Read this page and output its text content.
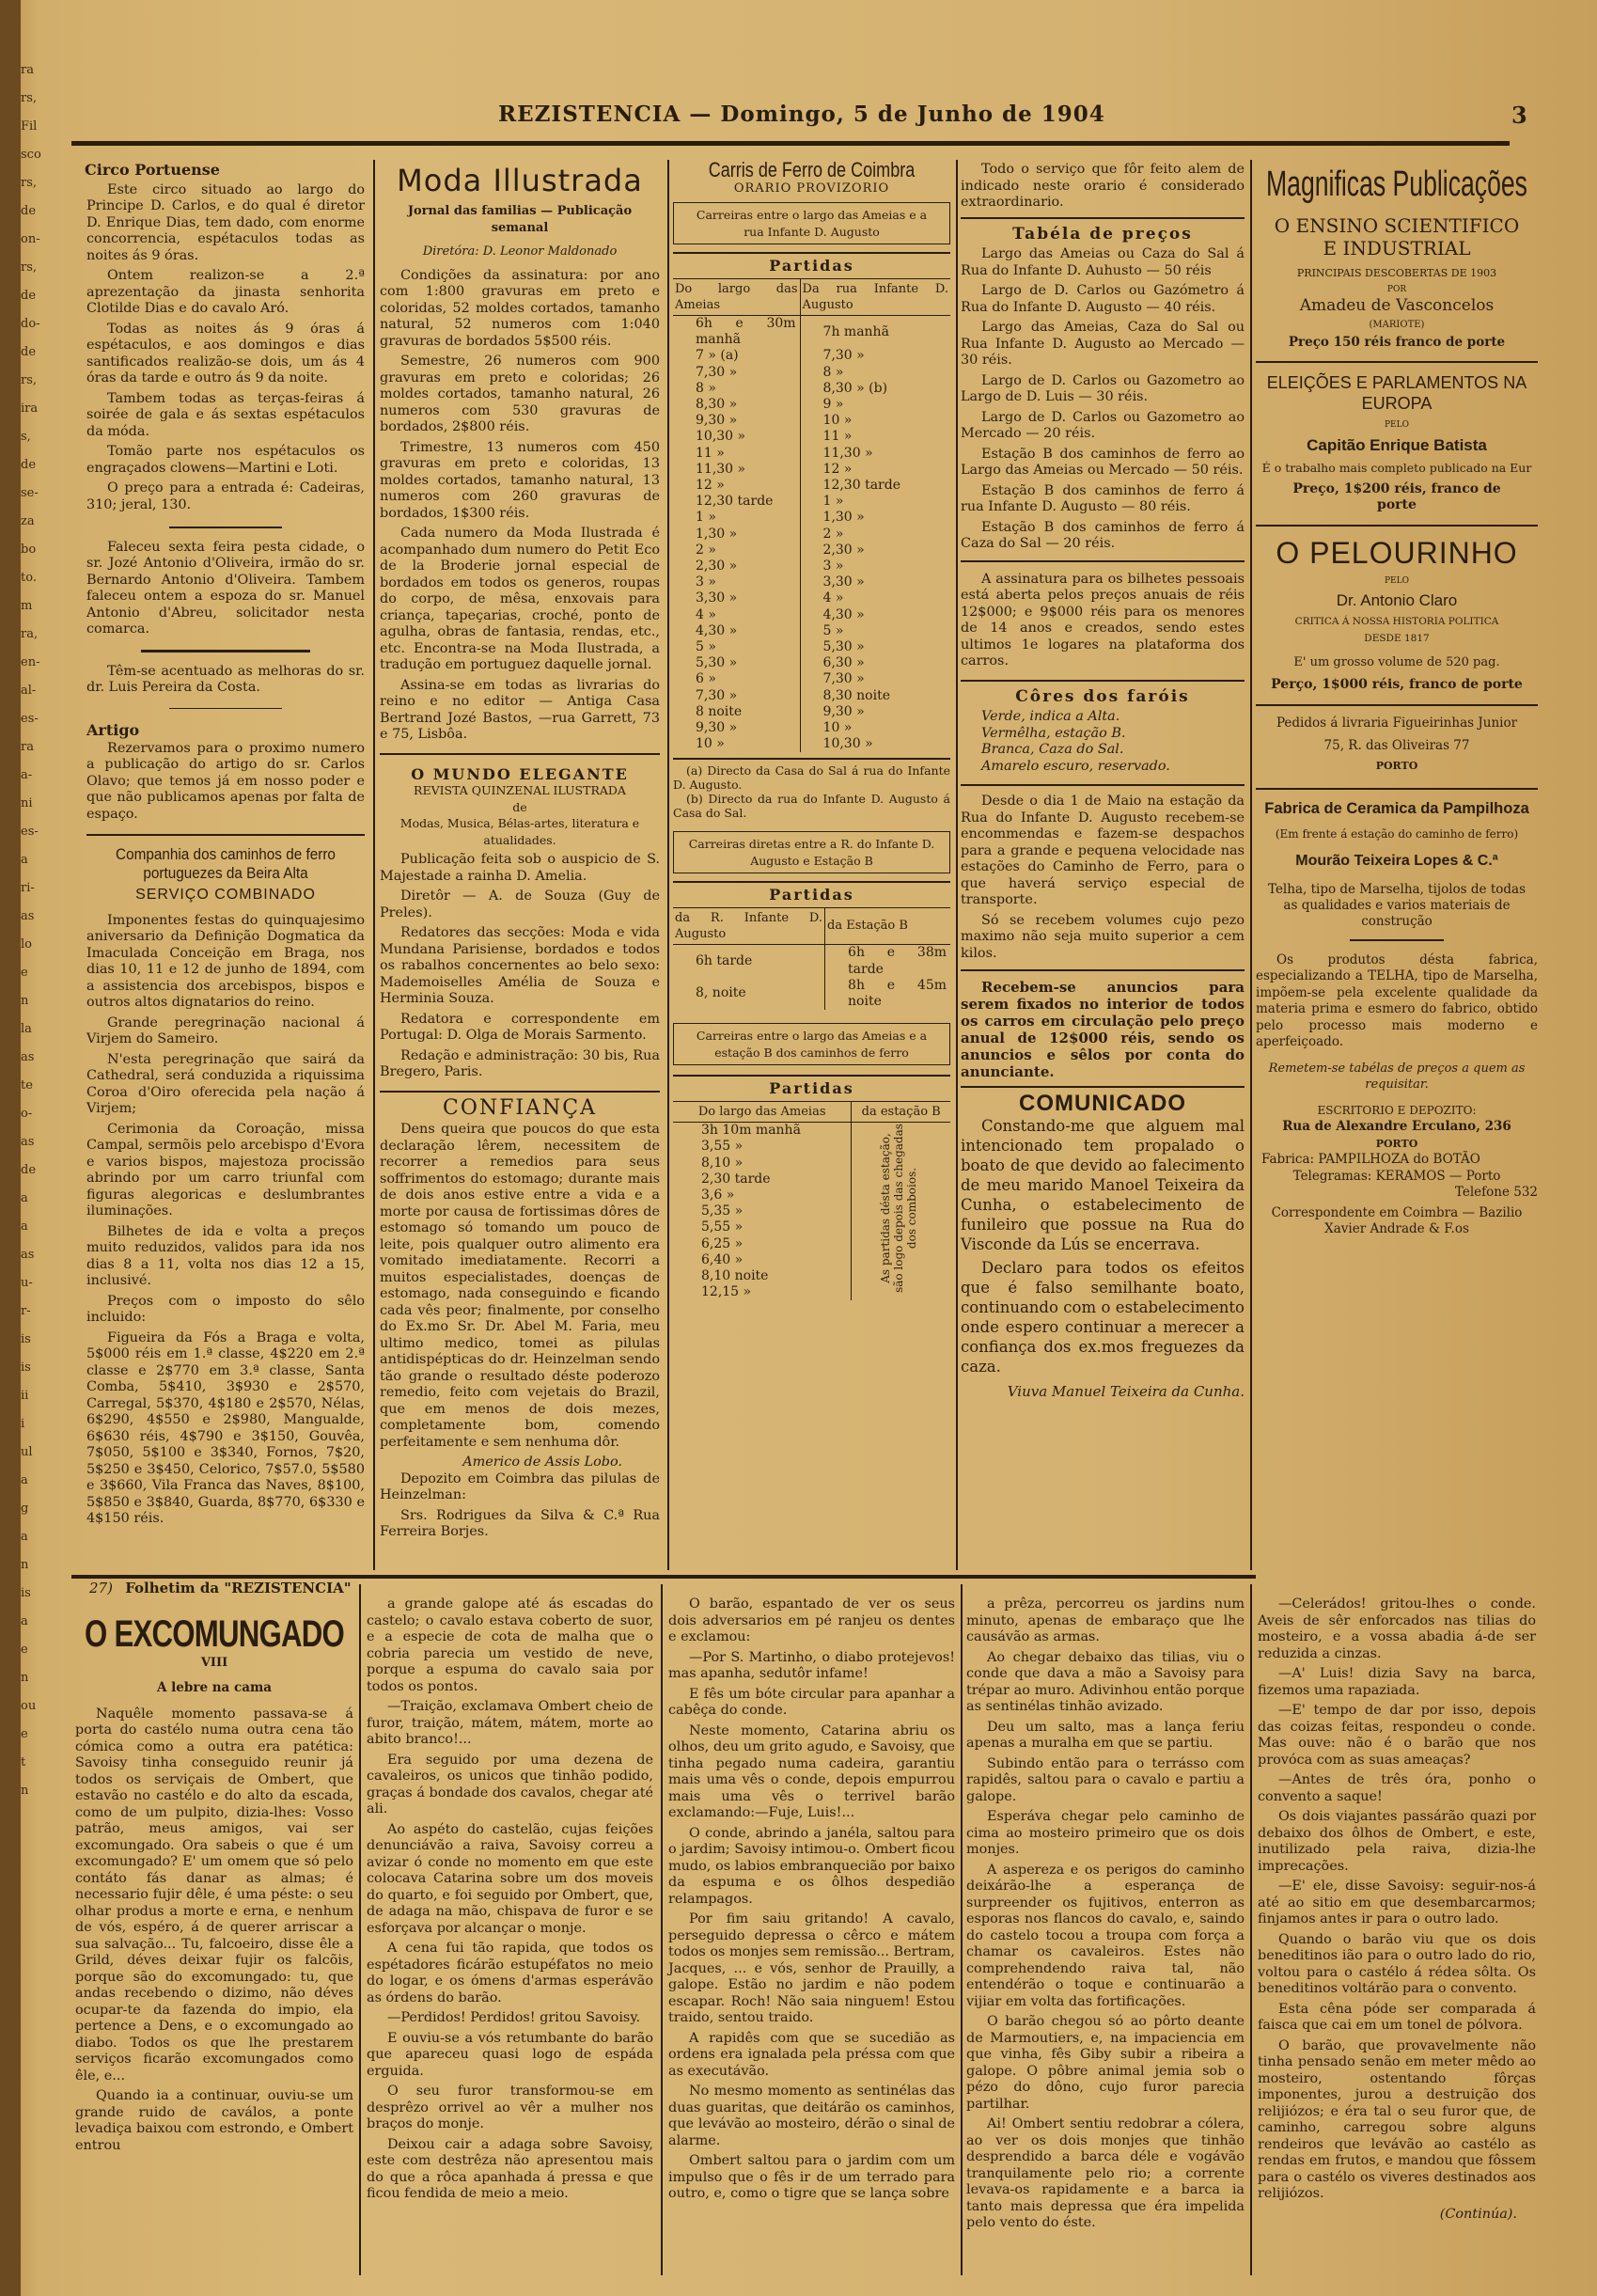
ra
rs,
Fil
sco
rs,
de
on-
rs,
de
do-
de
rs,
ira
s,
de
se-
za
bo
to.
m
ra,
en-
al-
es-
ra
a-
ni
es-
a
ri-
as
lo
e
n
la
as
te
o-
as
de
a
a
as
u-
r-
is
is
ii
i
ul
a
g
a
n
is
a
e
n
ou
e
t
n
REZISTENCIA — Domingo, 5 de Junho de 1904	3
Circo Portuense

Este circo situado ao largo do Principe D. Carlos, e do qual é diretor D. Enrique Dias, tem dado, com enorme concorrencia, espétaculos todas as noites ás 9 óras.

Ontem realizon-se a 2.ª aprezentação da jinasta senhorita Clotilde Dias e do cavalo Aró.

Todas as noites ás 9 óras á espétaculos, e aos domingos e dias santificados realizão-se dois, um ás 4 óras da tarde e outro ás 9 da noite.

Tambem todas as terças-feiras á soirée de gala e ás sextas espétaculos da móda.

Tomão parte nos espétaculos os engraçados clowens—Martini e Loti.

O preço para a entrada é: Cadeiras, 310; jeral, 130.

Faleceu sexta feira pesta cidade, o sr. Jozé Antonio d'Oliveira, irmão do sr. Bernardo Antonio d'Oliveira. Tambem faleceu ontem a espoza do sr. Manuel Antonio d'Abreu, solicitador nesta comarca.

Têm-se acentuado as melhoras do sr. dr. Luis Pereira da Costa.

Artigo

Rezervamos para o proximo numero a publicação do artigo do sr. Carlos Olavo; que temos já em nosso poder e que não publicamos apenas por falta de espaço.

Companhia dos caminhos de ferro portuguezes da Beira Alta
SERVIÇO COMBINADO

Imponentes festas do quinquajesimo aniversario da Definição Dogmatica da Imaculada Conceição em Braga, nos dias 10, 11 e 12 de junho de 1894, com a assistencia dos arcebispos, bispos e outros altos dignatarios do reino.

Grande peregrinação nacional á Virjem do Sameiro.

N'esta peregrinação que sairá da Cathedral, será conduzida a riquissima Coroa d'Oiro oferecida pela nação á Virjem;

Cerimonia da Coroação, missa Campal, sermõis pelo arcebispo d'Evora e varios bispos, majestoza procissão abrindo por um carro triunfal com figuras alegoricas e deslumbrantes iluminações.

Bilhetes de ida e volta a preços muito reduzidos, validos para ida nos dias 8 a 11, volta nos dias 12 a 15, inclusivé.

Preços com o imposto do sêlo incluido:

Figueira da Fós a Braga e volta, 5$000 réis em 1.ª classe, 4$220 em 2.ª classe e 2$770 em 3.ª classe, Santa Comba, 5$410, 3$930 e 2$570, Carregal, 5$370, 4$180 e 2$570, Nélas, 6$290, 4$550 e 2$980, Mangualde, 6$630 réis, 4$790 e 3$150, Gouvêa, 7$050, 5$100 e 3$340, Fornos, 7$20, 5$250 e 3$450, Celorico, 7$57.0, 5$580 e 3$660, Vila Franca das Naves, 8$100, 5$850 e 3$840, Guarda, 8$770, 6$330 e 4$150 réis.

Moda Illustrada
Jornal das familias — Publicação semanal
Diretóra: D. Leonor Maldonado

Condições da assinatura: por ano com 1:800 gravuras em preto e coloridas, 52 moldes cortados, tamanho natural, 52 numeros com 1:040 gravuras de bordados 5$500 réis.

Semestre, 26 numeros com 900 gravuras em preto e coloridas; 26 moldes cortados, tamanho natural, 26 numeros com 530 gravuras de bordados, 2$800 réis.

Trimestre, 13 numeros com 450 gravuras em preto e coloridas, 13 moldes cortados, tamanho natural, 13 numeros com 260 gravuras de bordados, 1$300 réis.

Cada numero da Moda Ilustrada é acompanhado dum numero do Petit Eco de la Broderie jornal especial de bordados em todos os generos, roupas do corpo, de mêsa, enxovais para criança, tapeçarias, croché, ponto de agulha, obras de fantasia, rendas, etc., etc. Encontra-se na Moda Ilustrada, a tradução em portuguez daquelle jornal.

Assina-se em todas as livrarias do reino e no editor — Antiga Casa Bertrand Jozé Bastos, —rua Garrett, 73 e 75, Lisbôa.

O MUNDO ELEGANTE
REVISTA QUINZENAL ILUSTRADA
de
Modas, Musica, Bélas-artes, literatura e atualidades.

Publicação feita sob o auspicio de S. Majestade a rainha D. Amelia.

Diretôr — A. de Souza (Guy de Preles).

Redatores das secções: Moda e vida Mundana Parisiense, bordados e todos os rabalhos concernentes ao belo sexo: Mademoiselles Amélia de Souza e Herminia Souza.

Redatora e correspondente em Portugal: D. Olga de Morais Sarmento.

Redação e administração: 30 bis, Rua Bregero, Paris.

CONFIANÇA

Dens queira que poucos do que esta declaração lêrem, necessitem de recorrer a remedios para seus soffrimentos do estomago; durante mais de dois anos estive entre a vida e a morte por causa de fortissimas dôres de estomago só tomando um pouco de leite, pois qualquer outro alimento era vomitado imediatamente. Recorri a muitos especialistades, doenças de estomago, nada conseguindo e ficando cada vês peor; finalmente, por conselho do Ex.mo Sr. Dr. Abel M. Faria, meu ultimo medico, tomei as pilulas antidispépticas do dr. Heinzelman sendo tão grande o resultado déste poderozo remedio, feito com vejetais do Brazil, que em menos de dois mezes, completamente bom, comendo perfeitamente e sem nenhuma dôr.

Americo de Assis Lobo.

Depozito em Coimbra das pilulas de Heinzelman:

Srs. Rodrigues da Silva & C.ª Rua Ferreira Borjes.

Carris de Ferro de Coimbra
ORARIO PROVIZORIO
Carreiras entre o largo das Ameias e a rua Infante D. Augusto
Partidas
Do largo das Ameias	Da rua Infante D. Augusto
6h e 30m manhã	7h manhã
7 » (a)	7,30 »
7,30 »	8 »
8 »	8,30 » (b)
8,30 »	9 »
9,30 »	10 »
10,30 »	11 »
11 »	11,30 »
11,30 »	12 »
12 »	12,30 tarde
12,30 tarde	1 »
1 »	1,30 »
1,30 »	2 »
2 »	2,30 »
2,30 »	3 »
3 »	3,30 »
3,30 »	4 »
4 »	4,30 »
4,30 »	5 »
5 »	5,30 »
5,30 »	6,30 »
6 »	7,30 »
7,30 »	8,30 noite
8 noite	9,30 »
9,30 »	10 »
10 »	10,30 »
(a) Directo da Casa do Sal á rua do Infante D. Augusto.
(b) Directo da rua do Infante D. Augusto á Casa do Sal.
Carreiras diretas entre a R. do Infante D. Augusto e Estação B
Partidas
da R. Infante D. Augusto	da Estação B
6h tarde	6h e 38m tarde
8, noite	8h e 45m noite
Carreiras entre o largo das Ameias e a estação B dos caminhos de ferro
Partidas
Do largo das Ameias
3h 10m manhã
3,55 »
8,10 »
2,30 tarde
3,6 »
5,35 »
5,55 »
6,25 »
6,40 »
8,10 noite
12,15 »
da estação B
As partidas désta estação, são logo depois das chegadas dos comboios.

Todo o serviço que fôr feito alem de indicado neste orario é considerado extraordinario.

Tabéla de preços

Largo das Ameias ou Caza do Sal á Rua do Infante D. Auhusto — 50 réis

Largo de D. Carlos ou Gazómetro á Rua do Infante D. Augusto — 40 réis.

Largo das Ameias, Caza do Sal ou Rua Infante D. Augusto ao Mercado — 30 réis.

Largo de D. Carlos ou Gazometro ao Largo de D. Luis — 30 réis.

Largo de D. Carlos ou Gazometro ao Mercado — 20 réis.

Estação B dos caminhos de ferro ao Largo das Ameias ou Mercado — 50 réis.

Estação B dos caminhos de ferro á rua Infante D. Augusto — 80 réis.

Estação B dos caminhos de ferro á Caza do Sal — 20 réis.

A assinatura para os bilhetes pessoais está aberta pelos preços anuais de réis 12$000; e 9$000 réis para os menores de 14 anos e creados, sendo estes ultimos 1e logares na plataforma dos carros.

Côres dos faróis
Verde, indica a Alta.
Vermêlha, estação B.
Branca, Caza do Sal.
Amarelo escuro, reservado.

Desde o dia 1 de Maio na estação da Rua do Infante D. Augusto recebem-se encommendas e fazem-se despachos para a grande e pequena velocidade nas estações do Caminho de Ferro, para o que haverá serviço especial de transporte.

Só se recebem volumes cujo pezo maximo não seja muito superior a cem kilos.

Recebem-se anuncios para serem fixados no interior de todos os carros em circulação pelo preço anual de 12$000 réis, sendo os anuncios e sêlos por conta do anunciante.

COMUNICADO

Constando-me que alguem mal intencionado tem propalado o boato de que devido ao falecimento de meu marido Manoel Teixeira da Cunha, o estabelecimento de funileiro que possue na Rua do Visconde da Lús se encerrava.

Declaro para todos os efeitos que é falso semilhante boato, continuando com o estabelecimento onde espero continuar a merecer a confiança dos ex.mos freguezes da caza.

Viuva Manuel Teixeira da Cunha.
Magnificas Publicações
O ENSINO SCIENTIFICO
E INDUSTRIAL
PRINCIPAIS DESCOBERTAS DE 1903
POR
Amadeu de Vasconcelos
(MARIOTE)
Preço 150 réis franco de porte
ELEIÇÕES E PARLAMENTOS NA EUROPA
PELO
Capitão Enrique Batista
É o trabalho mais completo publicado na Eur
Preço, 1$200 réis, franco de porte
O PELOURINHO
PELO
Dr. Antonio Claro
CRITICA Á NOSSA HISTORIA POLITICA
DESDE 1817
E' um grosso volume de 520 pag.
Perço, 1$000 réis, franco de porte
Pedidos á livraria Figueirinhas Junior
75, R. das Oliveiras 77
PORTO
Fabrica de Ceramica da Pampilhoza
(Em frente á estação do caminho de ferro)
Mourão Teixeira Lopes & C.ª
Telha, tipo de Marselha, tijolos de todas as qualidades e varios materiais de construção

Os produtos désta fabrica, especializando a TELHA, tipo de Marselha, impõem-se pela excelente qualidade da materia prima e esmero do fabrico, obtido pelo processo mais moderno e aperfeiçoado.

Remetem-se tabélas de preços a quem as requisitar.
ESCRITORIO E DEPOZITO:
Rua de Alexandre Erculano, 236
PORTO
Fabrica: PAMPILHOZA do BOTÃO
Telegramas: KERAMOS — Porto
Telefone 532
Correspondente em Coimbra — Bazilio Xavier Andrade & F.os
27) Folhetim da "REZISTENCIA"
O EXCOMUNGADO
VIII
A lebre na cama

Naquêle momento passava-se á porta do castélo numa outra cena tão cómica como a outra era patética: Savoisy tinha conseguido reunir já todos os serviçais de Ombert, que estavão no castélo e do alto da escada, como de um pulpito, dizia-lhes: Vosso patrão, meus amigos, vai ser excomungado. Ora sabeis o que é um excomungado? E' um omem que só pelo contáto fás danar as almas; é necessario fujir dêle, é uma péste: o seu olhar produs a morte e erna, e nenhum de vós, espéro, á de querer arriscar a sua salvação... Tu, falcoeiro, disse êle a Grild, déves deixar fujir os falcõis, porque são do excomungado: tu, que andas recebendo o dizimo, não déves ocupar-te da fazenda do impio, ela pertence a Dens, e o excomungado ao diabo. Todos os que lhe prestarem serviços ficarão excomungados como êle, e...

Quando ia a continuar, ouviu-se um grande ruido de caválos, a ponte levadiça baixou com estrondo, e Ombert entrou

a grande galope até ás escadas do castelo; o cavalo estava coberto de suor, e a especie de cota de malha que o cobria parecia um vestido de neve, porque a espuma do cavalo saia por todos os pontos.

—Traição, exclamava Ombert cheio de furor, traição, mátem, mátem, morte ao abito branco!...

Era seguido por uma dezena de cavaleiros, os unicos que tinhão podido, graças á bondade dos cavalos, chegar até ali.

Ao aspéto do castelão, cujas feições denunciávão a raiva, Savoisy correu a avizar ó conde no momento em que este colocava Catarina sobre um dos moveis do quarto, e foi seguido por Ombert, que, de adaga na mão, chispava de furor e se esforçava por alcançar o monje.

A cena fui tão rapida, que todos os espétadores ficárão estupéfatos no meio do logar, e os ómens d'armas esperávão as órdens do barão.

—Perdidos! Perdidos! gritou Savoisy.

E ouviu-se a vós retumbante do barão que apareceu quasi logo de espáda erguida.

O seu furor transformou-se em desprêzo orrivel ao vêr a mulher nos braços do monje.

Deixou cair a adaga sobre Savoisy, este com destrêza não apresentou mais do que a rôca apanhada á pressa e que ficou fendida de meio a meio.

O barão, espantado de ver os seus dois adversarios em pé ranjeu os dentes e exclamou:

—Por S. Martinho, o diabo protejevos! mas apanha, sedutôr infame!

E fês um bóte circular para apanhar a cabêça do conde.

Neste momento, Catarina abriu os olhos, deu um grito agudo, e Savoisy, que tinha pegado numa cadeira, garantiu mais uma vês o conde, depois empurrou mais uma vês o terrivel barão exclamando:—Fuje, Luis!...

O conde, abrindo a janéla, saltou para o jardim; Savoisy intimou-o. Ombert ficou mudo, os labios embranquecião por baixo da espuma e os ôlhos despedião relampagos.

Por fim saiu gritando! A cavalo, perseguido depressa o cêrco e mátem todos os monjes sem remissão... Bertram, Jacques, ... e vós, senhor de Prauilly, a galope. Estão no jardim e não podem escapar. Roch! Não saia ninguem! Estou traido, sentou traido.

A rapidês com que se sucedião as ordens era ignalada pela préssa com que as executávão.

No mesmo momento as sentinélas das duas guaritas, que deitárão os caminhos, que levávão ao mosteiro, dérão o sinal de alarme.

Ombert saltou para o jardim com um impulso que o fês ir de um terrado para outro, e, como o tigre que se lança sobre

a prêza, percorreu os jardins num minuto, apenas de embaraço que lhe causávão as armas.

Ao chegar debaixo das tilias, viu o conde que dava a mão a Savoisy para trépar ao muro. Adivinhou então porque as sentinélas tinhão avizado.

Deu um salto, mas a lança feriu apenas a muralha em que se partiu.

Subindo então para o terrásso com rapidês, saltou para o cavalo e partiu a galope.

Esperáva chegar pelo caminho de cima ao mosteiro primeiro que os dois monjes.

A aspereza e os perigos do caminho deixárão-lhe a esperança de surpreender os fujitivos, enterron as esporas nos flancos do cavalo, e, saindo do castelo tocou a troupa com força a chamar os cavaleiros. Estes não comprehendendo raiva tal, não entendérão o toque e continuarão a vijiar em volta das fortificações.

O barão chegou só ao pôrto deante de Marmoutiers, e, na impaciencia em que vinha, fês Giby subir a ribeira a galope. O pôbre animal jemia sob o pézo do dôno, cujo furor parecia partilhar.

Ai! Ombert sentiu redobrar a cólera, ao ver os dois monjes que tinhão desprendido a barca déle e vogávão tranquilamente pelo rio; a corrente levava-os rapidamente e a barca ia tanto mais depressa que éra impelida pelo vento do éste.

—Celerádos! gritou-lhes o conde. Aveis de sêr enforcados nas tilias do mosteiro, e a vossa abadia á-de ser reduzida a cinzas.

—A' Luis! dizia Savy na barca, fizemos uma rapaziada.

—E' tempo de dar por isso, depois das coizas feitas, respondeu o conde. Mas ouve: não é o barão que nos provóca com as suas ameaças?

—Antes de três óra, ponho o convento a saque!

Os dois viajantes passárão quazi por debaixo dos ôlhos de Ombert, e este, inutilizado pela raiva, dizia-lhe imprecações.

—E' ele, disse Savoisy: seguir-nos-á até ao sitio em que desembarcarmos; finjamos antes ir para o outro lado.

Quando o barão viu que os dois beneditinos ião para o outro lado do rio, voltou para o castélo á rédea sôlta. Os beneditinos voltárão para o convento.

Esta cêna póde ser comparada á faisca que cai em um tonel de pólvora.

O barão, que provavelmente não tinha pensado senão em meter mêdo ao mosteiro, ostentando fôrças imponentes, jurou a destruição dos relijiózos; e éra tal o seu furor que, de caminho, carregou sobre alguns rendeiros que levávão ao castélo as rendas em frutos, e mandou que fôssem para o castélo os viveres destinados aos relijiózos.

(Continúa).
